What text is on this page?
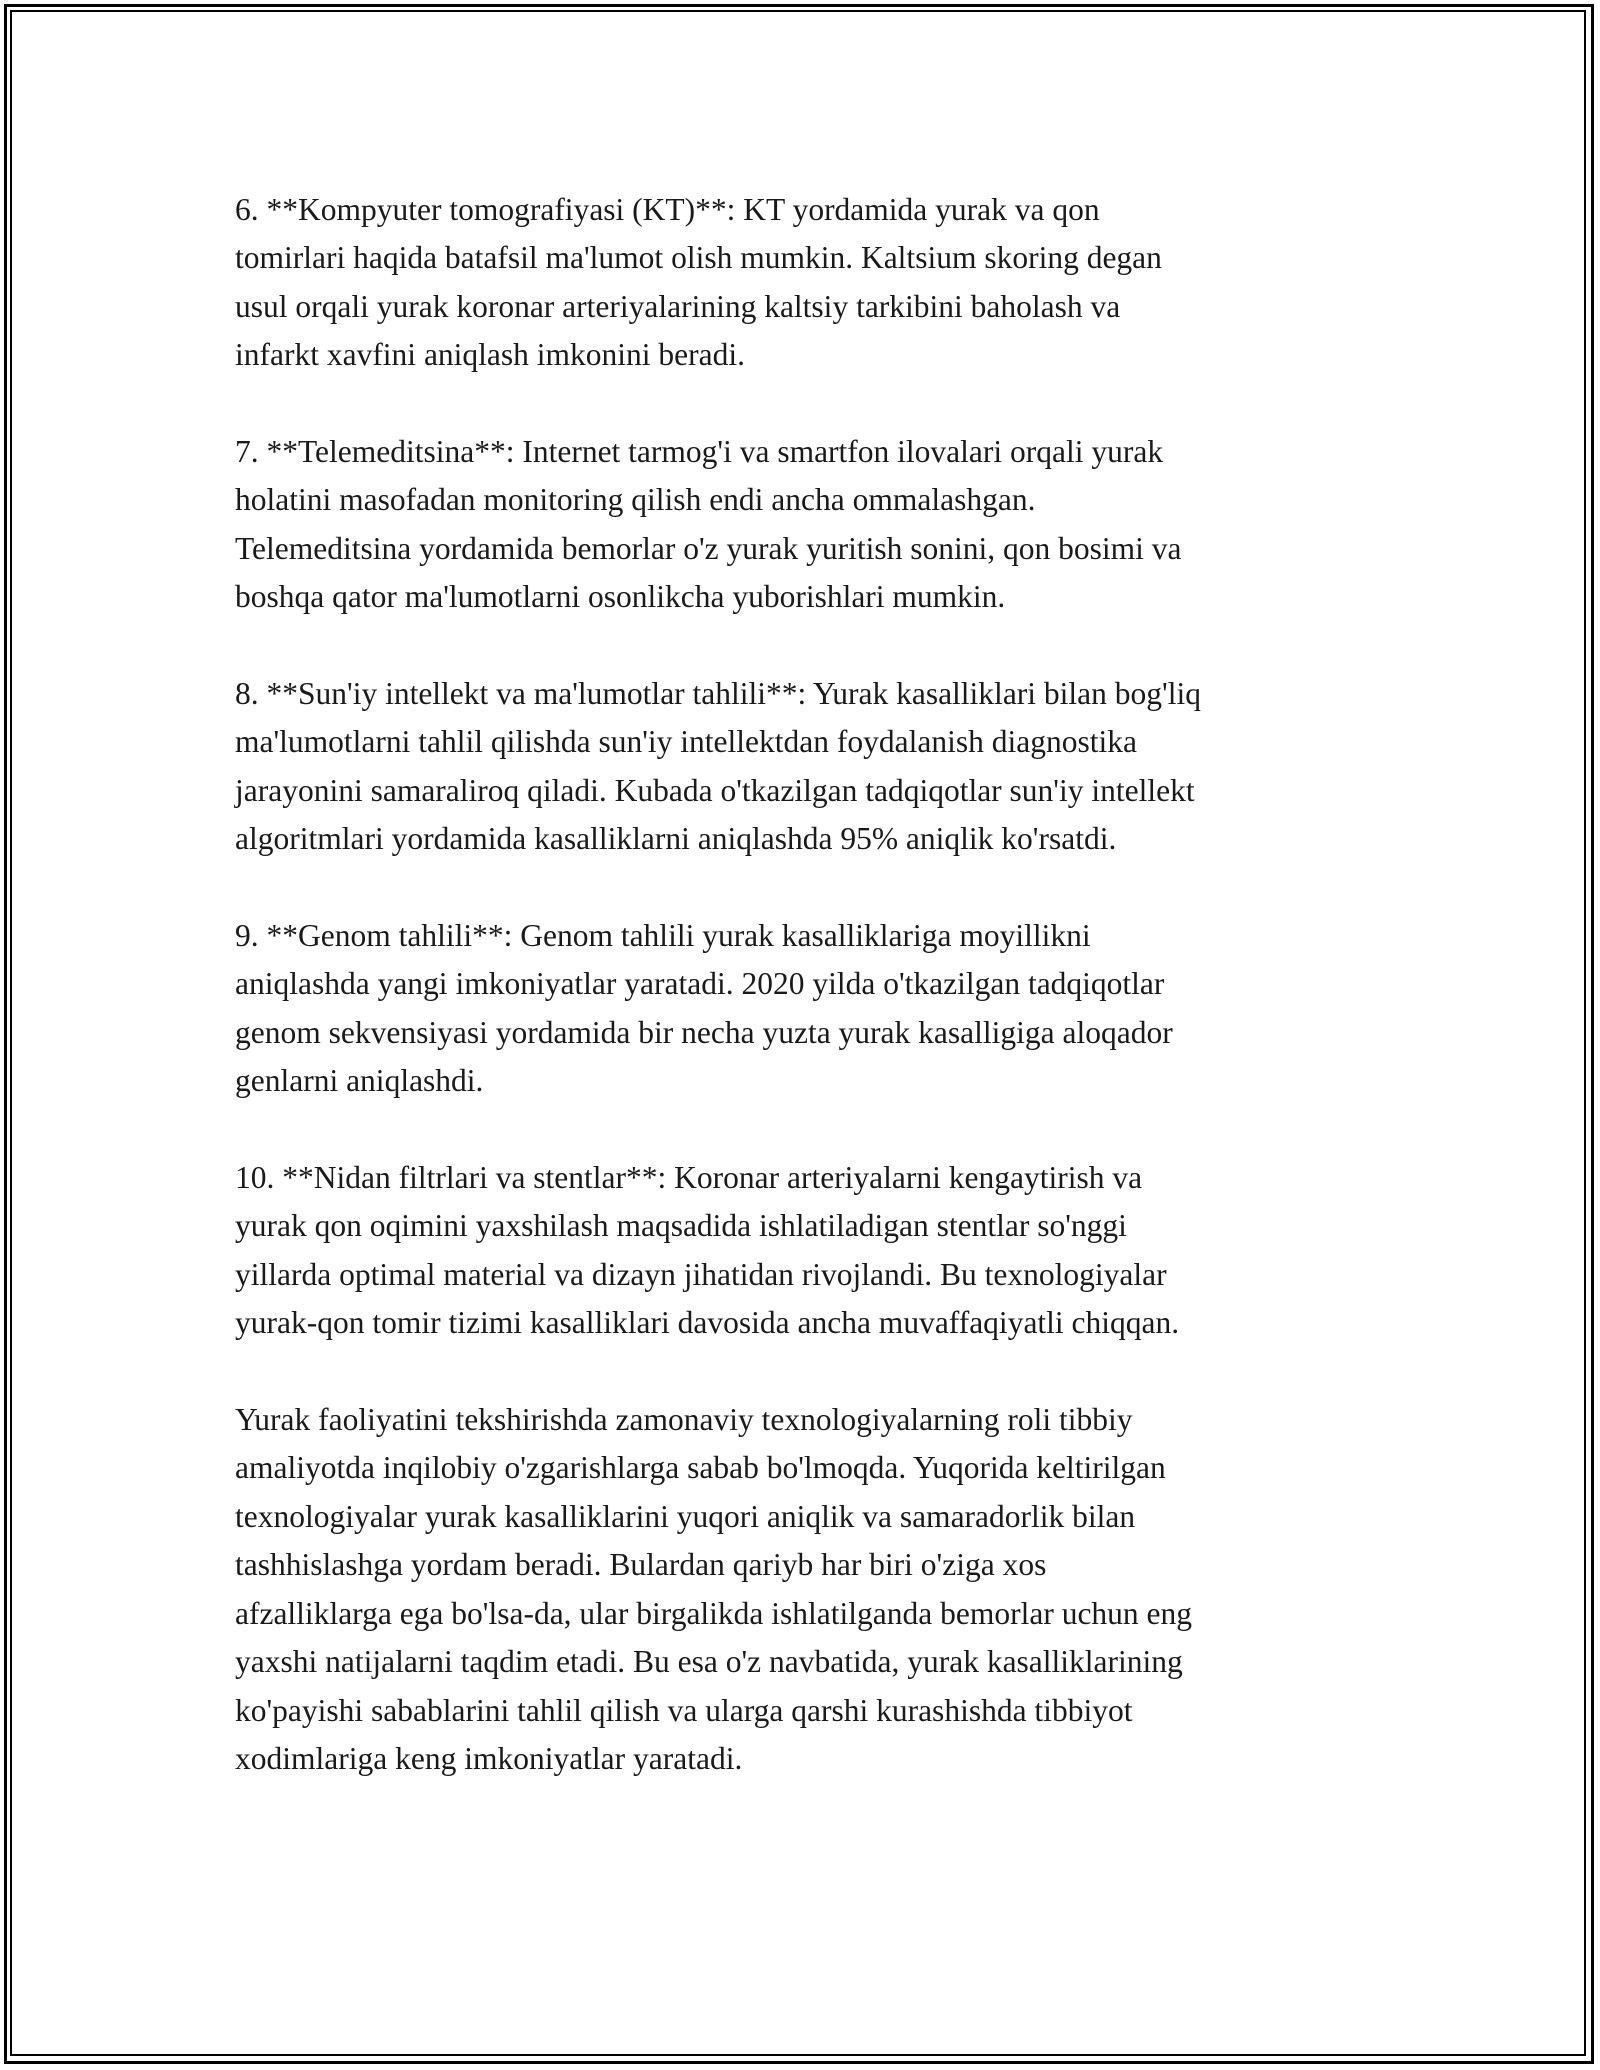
6. **Kompyuter tomografiyasi (KT)**: KT yordamida yurak va qon
tomirlari haqida batafsil ma'lumot olish mumkin. Kaltsium skoring degan
usul orqali yurak koronar arteriyalarining kaltsiy tarkibini baholash va
infarkt xavfini aniqlash imkonini beradi.

7. **Telemeditsina**: Internet tarmog'i va smartfon ilovalari orqali yurak
holatini masofadan monitoring qilish endi ancha ommalashgan.
Telemeditsina yordamida bemorlar o'z yurak yuritish sonini, qon bosimi va
boshqa qator ma'lumotlarni osonlikcha yuborishlari mumkin.

8. **Sun'iy intellekt va ma'lumotlar tahlili**: Yurak kasalliklari bilan bog'liq
ma'lumotlarni tahlil qilishda sun'iy intellektdan foydalanish diagnostika
jarayonini samaraliroq qiladi. Kubada o'tkazilgan tadqiqotlar sun'iy intellekt
algoritmlari yordamida kasalliklarni aniqlashda 95% aniqlik ko'rsatdi.

9. **Genom tahlili**: Genom tahlili yurak kasalliklariga moyillikni
aniqlashda yangi imkoniyatlar yaratadi. 2020 yilda o'tkazilgan tadqiqotlar
genom sekvensiyasi yordamida bir necha yuzta yurak kasalligiga aloqador
genlarni aniqlashdi.

10. **Nidan filtrlari va stentlar**: Koronar arteriyalarni kengaytirish va
yurak qon oqimini yaxshilash maqsadida ishlatiladigan stentlar so'nggi
yillarda optimal material va dizayn jihatidan rivojlandi. Bu texnologiyalar
yurak-qon tomir tizimi kasalliklari davosida ancha muvaffaqiyatli chiqqan.

Yurak faoliyatini tekshirishda zamonaviy texnologiyalarning roli tibbiy
amaliyotda inqilobiy o'zgarishlarga sabab bo'lmoqda. Yuqorida keltirilgan
texnologiyalar yurak kasalliklarini yuqori aniqlik va samaradorlik bilan
tashhislashga yordam beradi. Bulardan qariyb har biri o'ziga xos
afzalliklarga ega bo'lsa-da, ular birgalikda ishlatilganda bemorlar uchun eng
yaxshi natijalarni taqdim etadi. Bu esa o'z navbatida, yurak kasalliklarining
ko'payishi sabablarini tahlil qilish va ularga qarshi kurashishda tibbiyot
xodimlariga keng imkoniyatlar yaratadi.
